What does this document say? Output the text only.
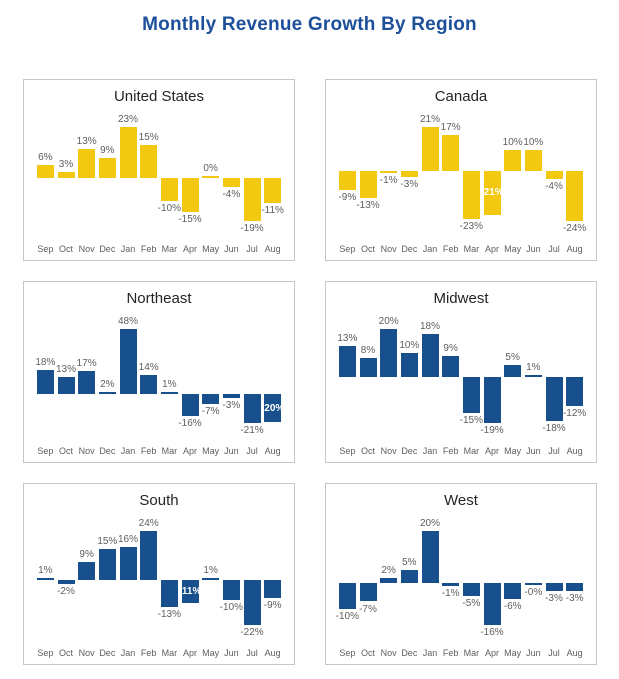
Monthly Revenue Growth By Region
United States
6%
3%
13%
9%
23%
15%
-10%
-15%
0%
-4%
-19%
-11%
Sep Oct Nov Dec Jan Feb Mar Apr May Jun Jul Aug
Canada
-9%
-13%
-1% -3%
21%
17%
-23%
-21%
10% 10%
-4%
-24%
Sep Oct Nov Dec Jan Feb Mar Apr May Jun Jul Aug
Northeast
18%
13% 17%
2%
48%
14%
1%
-16%
-7% -3%
-21%
-20%
Sep Oct Nov Dec Jan Feb Mar Apr May Jun Jul Aug
Midwest
13%
8%
20%
10%
18%
9%
-15%
-19%
5%
1%
-18%
-12%
Sep Oct Nov Dec Jan Feb Mar Apr May Jun Jul Aug
South
1%
-2%
9%
15% 16%
24%
-13%
-11%
1%
-10%
-22%
-9%
Sep Oct Nov Dec Jan Feb Mar Apr May Jun Jul Aug
West
-10%
-7%
2%
5%
20%
-1%
-5%
-16%
-6%
-0%
-3% -3%
Sep Oct Nov Dec Jan Feb Mar Apr May Jun Jul Aug
